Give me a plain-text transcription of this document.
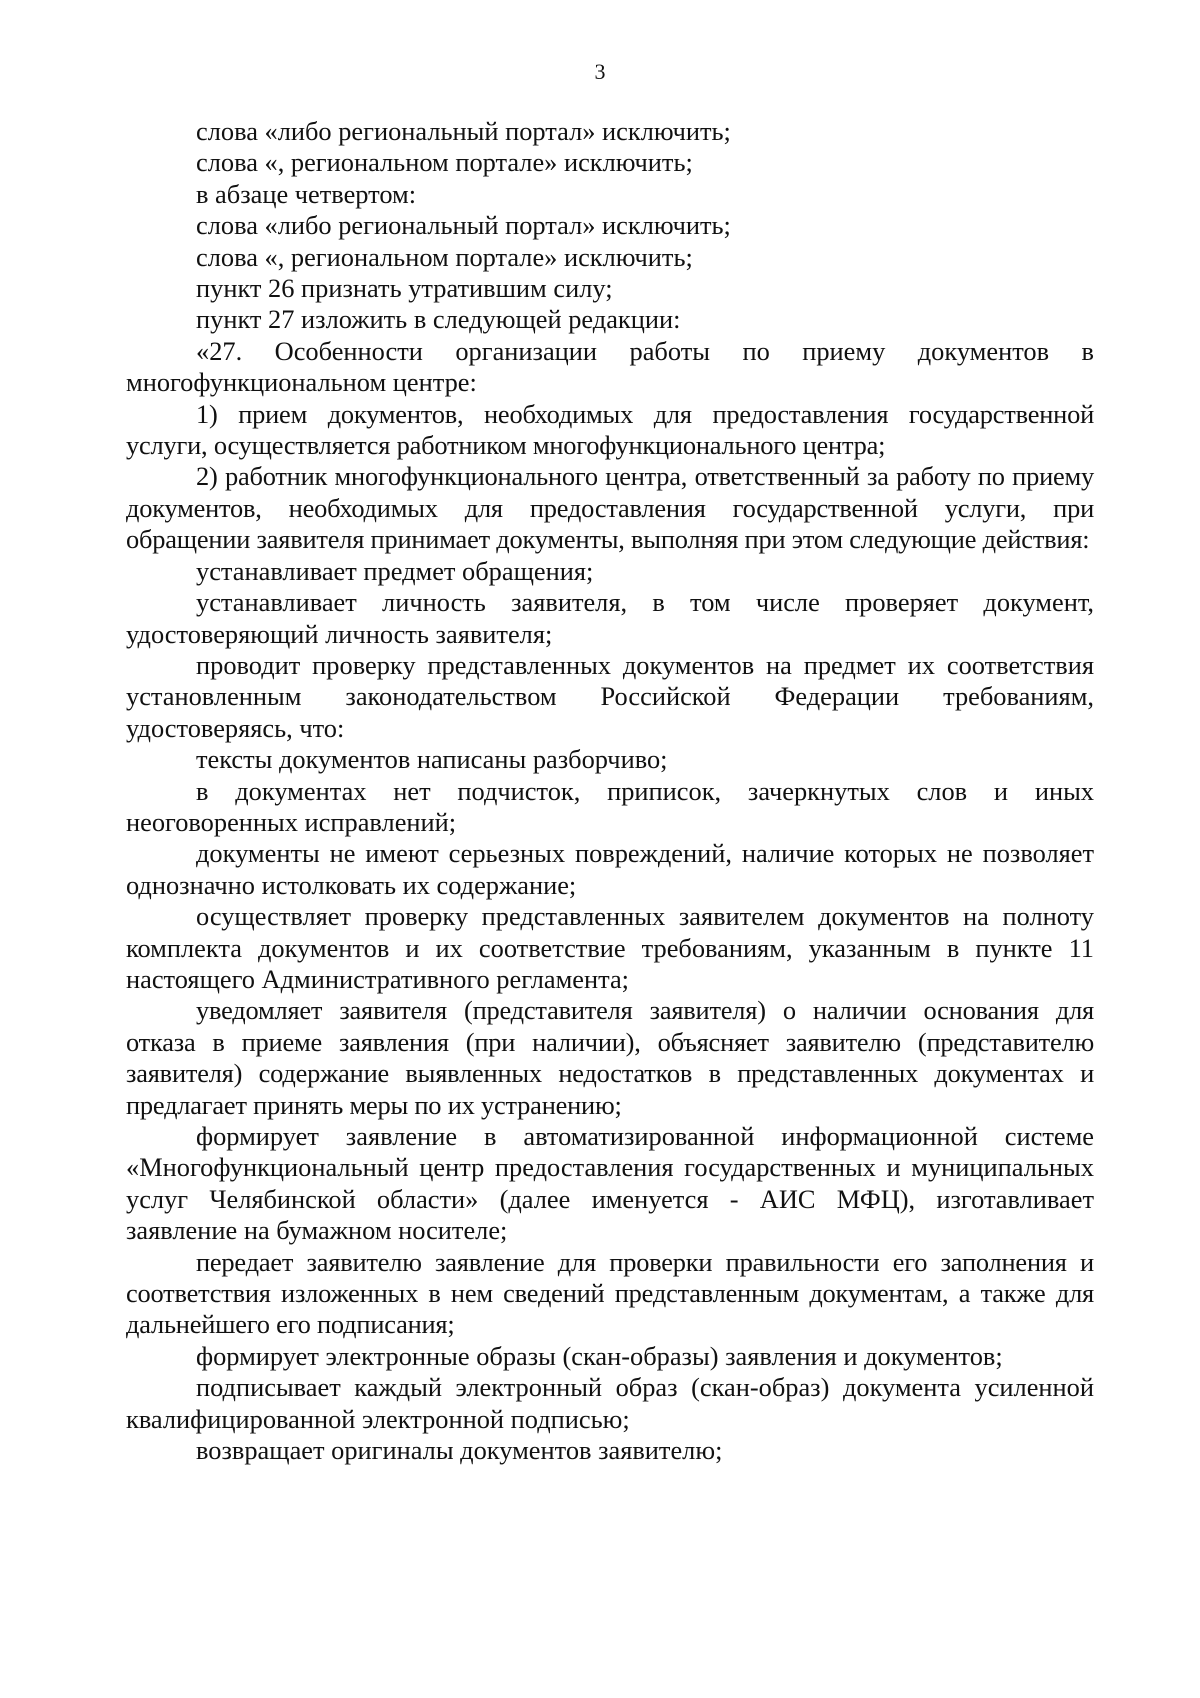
3

слова «либо региональный портал» исключить;

слова «, региональном портале» исключить;

в абзаце четвертом:

слова «либо региональный портал» исключить;

слова «, региональном портале» исключить;

пункт 26 признать утратившим силу;

пункт 27 изложить в следующей редакции:

«27. Особенности организации работы по приему документов в многофункциональном центре:

1) прием документов, необходимых для предоставления государственной услуги, осуществляется работником многофункционального центра;

2) работник многофункционального центра, ответственный за работу по приему документов, необходимых для предоставления государственной услуги, при обращении заявителя принимает документы, выполняя при этом следующие действия:

устанавливает предмет обращения;

устанавливает личность заявителя, в том числе проверяет документ, удостоверяющий личность заявителя;

проводит проверку представленных документов на предмет их соответствия установленным законодательством Российской Федерации требованиям, удостоверяясь, что:

тексты документов написаны разборчиво;

в документах нет подчисток, приписок, зачеркнутых слов и иных неоговоренных исправлений;

документы не имеют серьезных повреждений, наличие которых не позволяет однозначно истолковать их содержание;

осуществляет проверку представленных заявителем документов на полноту комплекта документов и их соответствие требованиям, указанным в пункте 11 настоящего Административного регламента;

уведомляет заявителя (представителя заявителя) о наличии основания для отказа в приеме заявления (при наличии), объясняет заявителю (представителю заявителя) содержание выявленных недостатков в представленных документах и предлагает принять меры по их устранению;

формирует заявление в автоматизированной информационной системе «Многофункциональный центр предоставления государственных и муниципальных услуг Челябинской области» (далее именуется - АИС МФЦ), изготавливает заявление на бумажном носителе;

передает заявителю заявление для проверки правильности его заполнения и соответствия изложенных в нем сведений представленным документам, а также для дальнейшего его подписания;

формирует электронные образы (скан-образы) заявления и документов;

подписывает каждый электронный образ (скан-образ) документа усиленной квалифицированной электронной подписью;

возвращает оригиналы документов заявителю;
